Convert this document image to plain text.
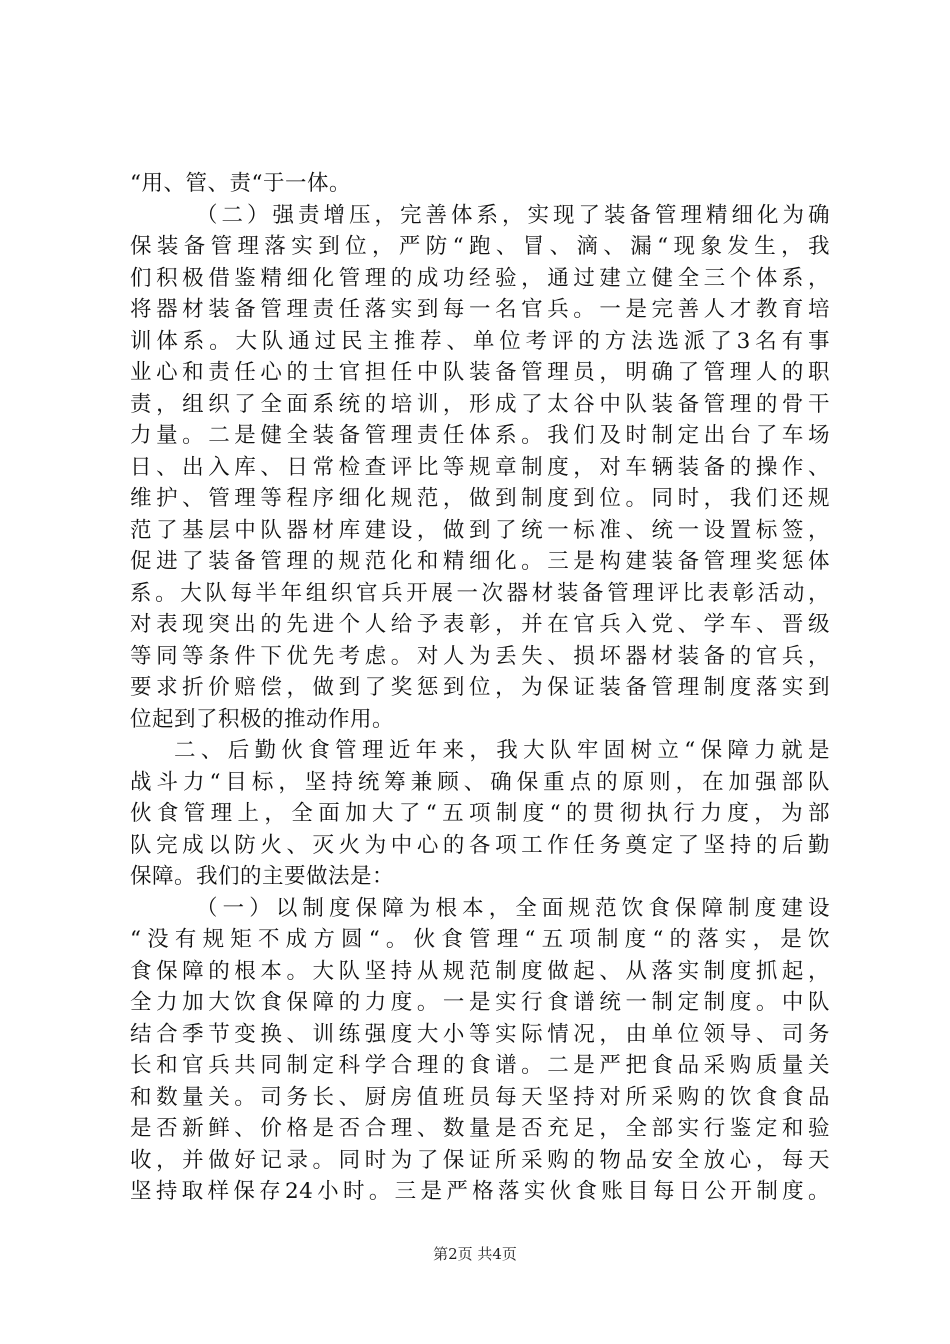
“用、管、责“于一体。
（二）强责增压，完善体系，实现了装备管理精细化为确
保装备管理落实到位，严防“跑、冒、滴、漏“现象发生，我
们积极借鉴精细化管理的成功经验，通过建立健全三个体系，
将器材装备管理责任落实到每一名官兵。一是完善人才教育培
训体系。大队通过民主推荐、单位考评的方法选派了3名有事
业心和责任心的士官担任中队装备管理员，明确了管理人的职
责，组织了全面系统的培训，形成了太谷中队装备管理的骨干
力量。二是健全装备管理责任体系。我们及时制定出台了车场
日、出入库、日常检查评比等规章制度，对车辆装备的操作、
维护、管理等程序细化规范，做到制度到位。同时，我们还规
范了基层中队器材库建设，做到了统一标准、统一设置标签，
促进了装备管理的规范化和精细化。三是构建装备管理奖惩体
系。大队每半年组织官兵开展一次器材装备管理评比表彰活动，
对表现突出的先进个人给予表彰，并在官兵入党、学车、晋级
等同等条件下优先考虑。对人为丢失、损坏器材装备的官兵，
要求折价赔偿，做到了奖惩到位，为保证装备管理制度落实到
位起到了积极的推动作用。
二、后勤伙食管理近年来，我大队牢固树立“保障力就是
战斗力“目标，坚持统筹兼顾、确保重点的原则，在加强部队
伙食管理上，全面加大了“五项制度“的贯彻执行力度，为部
队完成以防火、灭火为中心的各项工作任务奠定了坚持的后勤
保障。我们的主要做法是：
（一）以制度保障为根本，全面规范饮食保障制度建设
“没有规矩不成方圆“。伙食管理“五项制度“的落实，是饮
食保障的根本。大队坚持从规范制度做起、从落实制度抓起，
全力加大饮食保障的力度。一是实行食谱统一制定制度。中队
结合季节变换、训练强度大小等实际情况，由单位领导、司务
长和官兵共同制定科学合理的食谱。二是严把食品采购质量关
和数量关。司务长、厨房值班员每天坚持对所采购的饮食食品
是否新鲜、价格是否合理、数量是否充足，全部实行鉴定和验
收，并做好记录。同时为了保证所采购的物品安全放心，每天
坚持取样保存24小时。三是严格落实伙食账目每日公开制度。
第2页 共4页
